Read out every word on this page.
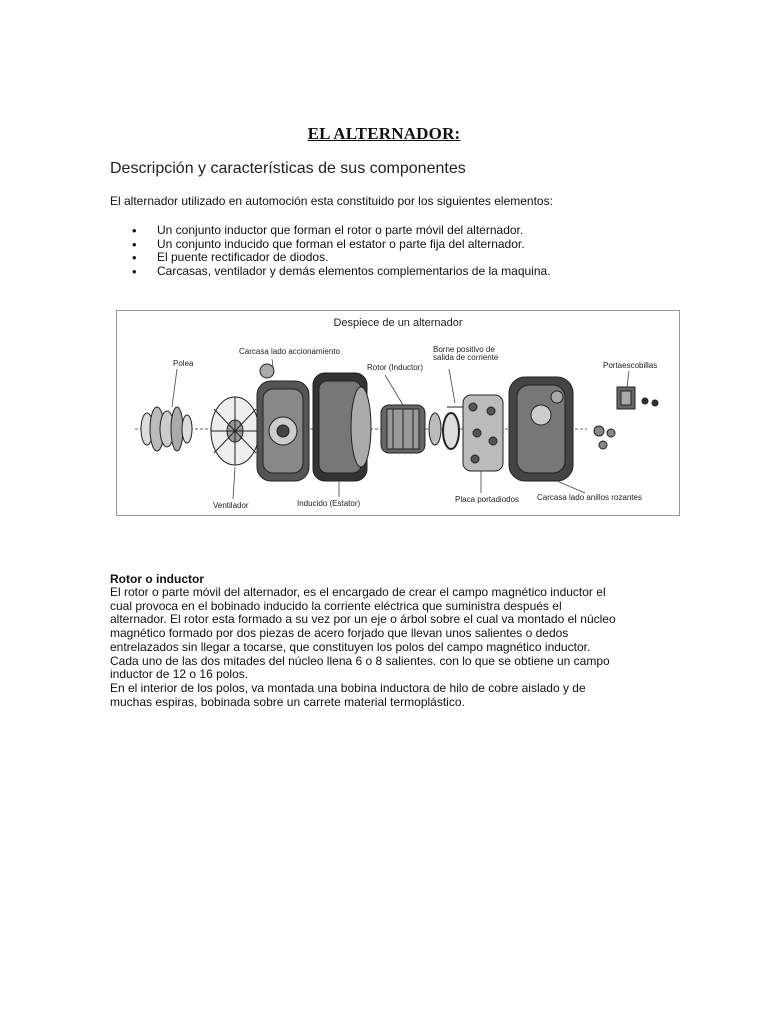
EL ALTERNADOR:
Descripción y características de sus componentes
El alternador utilizado en automoción esta constituido por los siguientes elementos:
• Un conjunto inductor que forman el rotor o parte móvil del alternador.
• Un conjunto inducido que forman el estator o parte fija del alternador.
• El puente rectificador de diodos.
• Carcasas, ventilador y demás elementos complementarios de la maquina.
Despiece de un alternador
Polea
Carcasa lado accionamiento
Rotor (Inductor)
Borne positivo de
salida de corriente
Portaescobillas
Ventilador	Inducido (Estator)	Placa portadiodos Carcasa lado anillos rozantes
Rotor o inductor

El rotor o parte móvil del alternador, es el encargado de crear el campo magnético inductor el

cual provoca en el bobinado inducido la corriente eléctrica que suministra después el

alternador. El rotor esta formado a su vez por un eje o árbol sobre el cual va montado el núcleo

magnético formado por dos piezas de acero forjado que llevan unos salientes o dedos

entrelazados sin llegar a tocarse, que constituyen los polos del campo magnético inductor.

Cada uno de las dos mitades del núcleo llena 6 o 8 salientes. con lo que se obtiene un campo

inductor de 12 o 16 polos.

En el interior de los polos, va montada una bobina inductora de hilo de cobre aislado y de

muchas espiras, bobinada sobre un carrete material termoplástico.
